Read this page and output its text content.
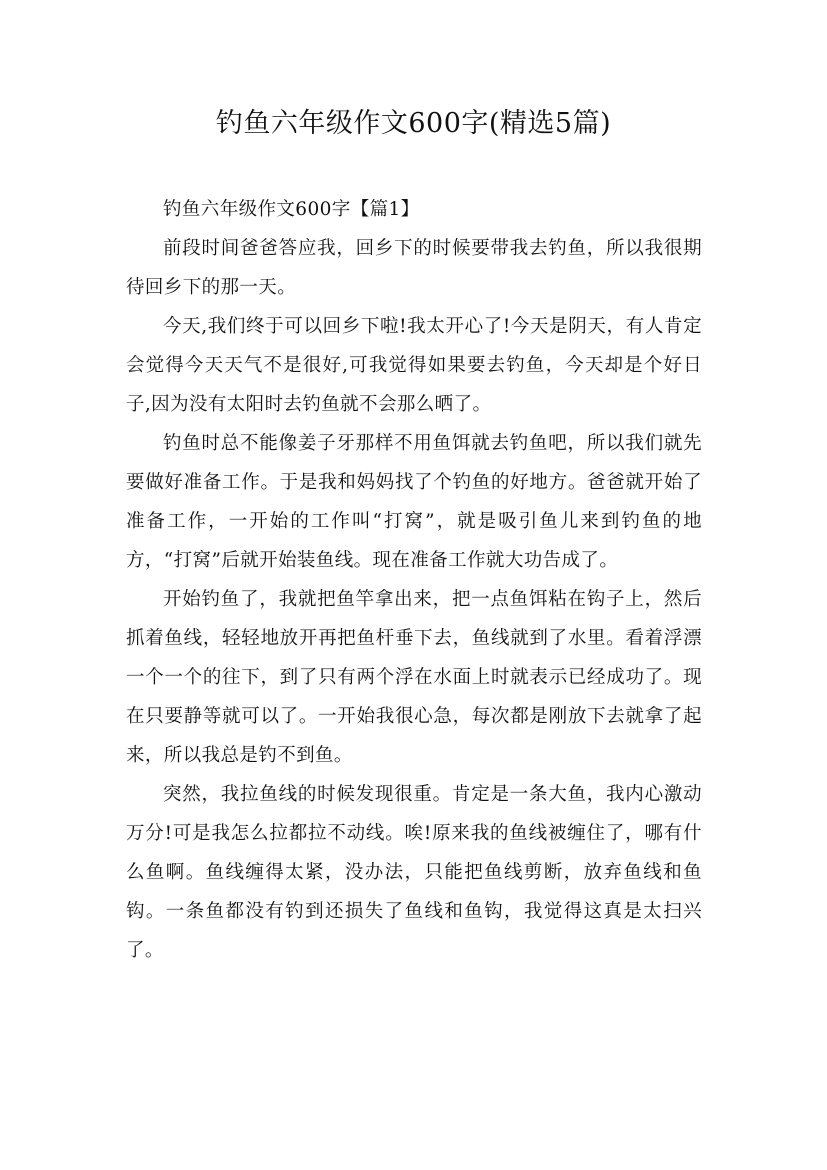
钓鱼六年级作文600字(精选5篇)

钓鱼六年级作文600字【篇1】

前段时间爸爸答应我，回乡下的时候要带我去钓鱼，所以我很期待回乡下的那一天。

今天,我们终于可以回乡下啦!我太开心了!今天是阴天，有人肯定会觉得今天天气不是很好,可我觉得如果要去钓鱼，今天却是个好日子,因为没有太阳时去钓鱼就不会那么晒了。

钓鱼时总不能像姜子牙那样不用鱼饵就去钓鱼吧，所以我们就先要做好准备工作。于是我和妈妈找了个钓鱼的好地方。爸爸就开始了准备工作，一开始的工作叫“打窝”，就是吸引鱼儿来到钓鱼的地方，“打窝”后就开始装鱼线。现在准备工作就大功告成了。

开始钓鱼了，我就把鱼竿拿出来，把一点鱼饵粘在钩子上，然后抓着鱼线，轻轻地放开再把鱼杆垂下去，鱼线就到了水里。看着浮漂一个一个的往下，到了只有两个浮在水面上时就表示已经成功了。现在只要静等就可以了。一开始我很心急，每次都是刚放下去就拿了起来，所以我总是钓不到鱼。

突然，我拉鱼线的时候发现很重。肯定是一条大鱼，我内心激动万分!可是我怎么拉都拉不动线。唉!原来我的鱼线被缠住了，哪有什么鱼啊。鱼线缠得太紧，没办法，只能把鱼线剪断，放弃鱼线和鱼钩。一条鱼都没有钓到还损失了鱼线和鱼钩，我觉得这真是太扫兴了。
